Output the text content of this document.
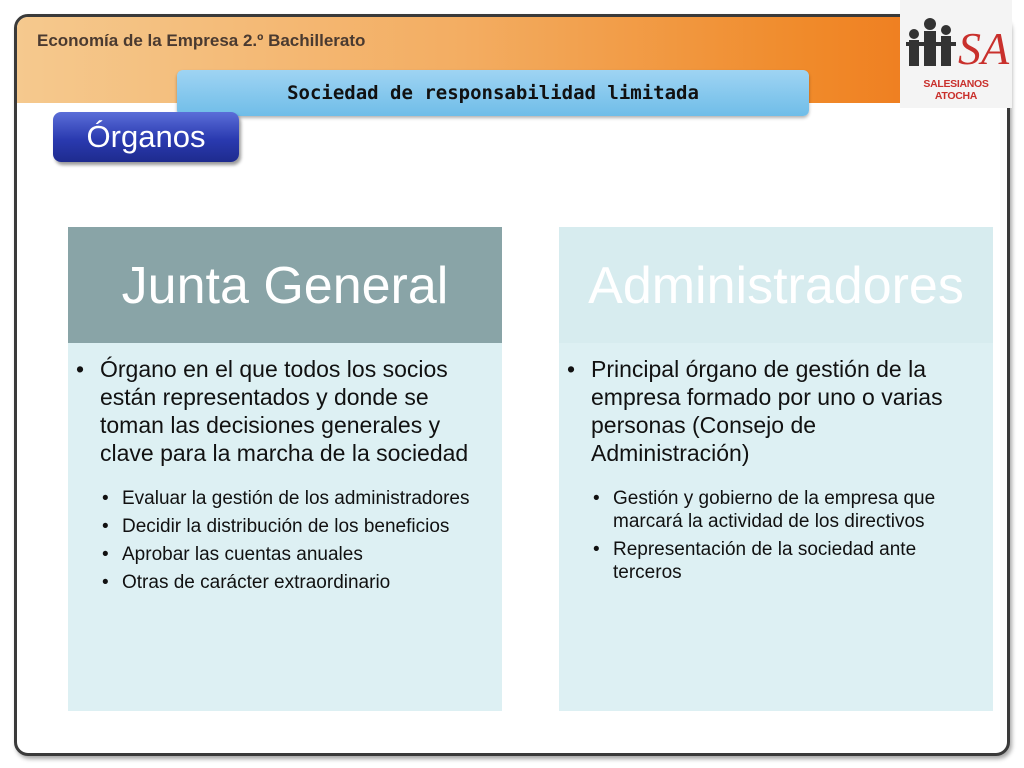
Economía de la Empresa 2.º Bachillerato
Sociedad de responsabilidad limitada
Órganos
Junta General

• Órgano en el que todos los socios están representados y donde se toman las decisiones generales y clave para la marcha de la sociedad

• Evaluar la gestión de los administradores
• Decidir la distribución de los beneficios
• Aprobar las cuentas anuales
• Otras de carácter extraordinario
Administradores

• Principal órgano de gestión de la empresa formado por uno o varias personas (Consejo de Administración)

• Gestión y gobierno de la empresa que marcará la actividad de los directivos
• Representación de la sociedad ante terceros
SA
SALESIANOS ATOCHA
